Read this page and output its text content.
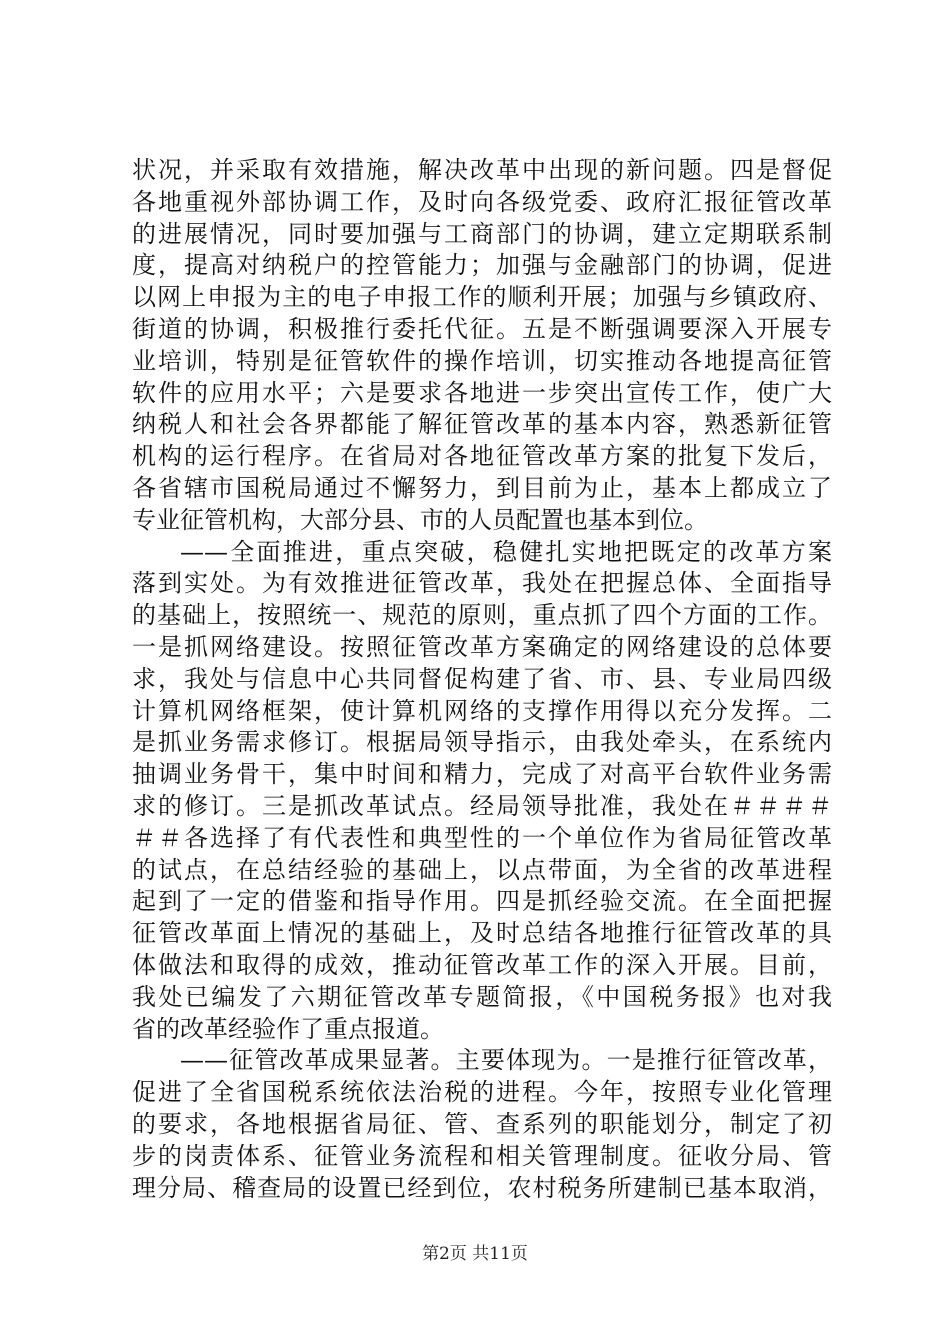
状况，并采取有效措施，解决改革中出现的新问题。四是督促
各地重视外部协调工作，及时向各级党委、政府汇报征管改革
的进展情况，同时要加强与工商部门的协调，建立定期联系制
度，提高对纳税户的控管能力；加强与金融部门的协调，促进
以网上申报为主的电子申报工作的顺利开展；加强与乡镇政府、
街道的协调，积极推行委托代征。五是不断强调要深入开展专
业培训，特别是征管软件的操作培训，切实推动各地提高征管
软件的应用水平；六是要求各地进一步突出宣传工作，使广大
纳税人和社会各界都能了解征管改革的基本内容，熟悉新征管
机构的运行程序。在省局对各地征管改革方案的批复下发后，
各省辖市国税局通过不懈努力，到目前为止，基本上都成立了
专业征管机构，大部分县、市的人员配置也基本到位。
——全面推进，重点突破，稳健扎实地把既定的改革方案
落到实处。为有效推进征管改革，我处在把握总体、全面指导
的基础上，按照统一、规范的原则，重点抓了四个方面的工作。
一是抓网络建设。按照征管改革方案确定的网络建设的总体要
求，我处与信息中心共同督促构建了省、市、县、专业局四级
计算机网络框架，使计算机网络的支撑作用得以充分发挥。二
是抓业务需求修订。根据局领导指示，由我处牵头，在系统内
抽调业务骨干，集中时间和精力，完成了对高平台软件业务需
求的修订。三是抓改革试点。经局领导批准，我处在＃＃＃＃
＃＃各选择了有代表性和典型性的一个单位作为省局征管改革
的试点，在总结经验的基础上，以点带面，为全省的改革进程
起到了一定的借鉴和指导作用。四是抓经验交流。在全面把握
征管改革面上情况的基础上，及时总结各地推行征管改革的具
体做法和取得的成效，推动征管改革工作的深入开展。目前，
我处已编发了六期征管改革专题简报，《中国税务报》也对我
省的改革经验作了重点报道。
——征管改革成果显著。主要体现为。一是推行征管改革，
促进了全省国税系统依法治税的进程。今年，按照专业化管理
的要求，各地根据省局征、管、查系列的职能划分，制定了初
步的岗责体系、征管业务流程和相关管理制度。征收分局、管
理分局、稽查局的设置已经到位，农村税务所建制已基本取消，
第2页 共11页
